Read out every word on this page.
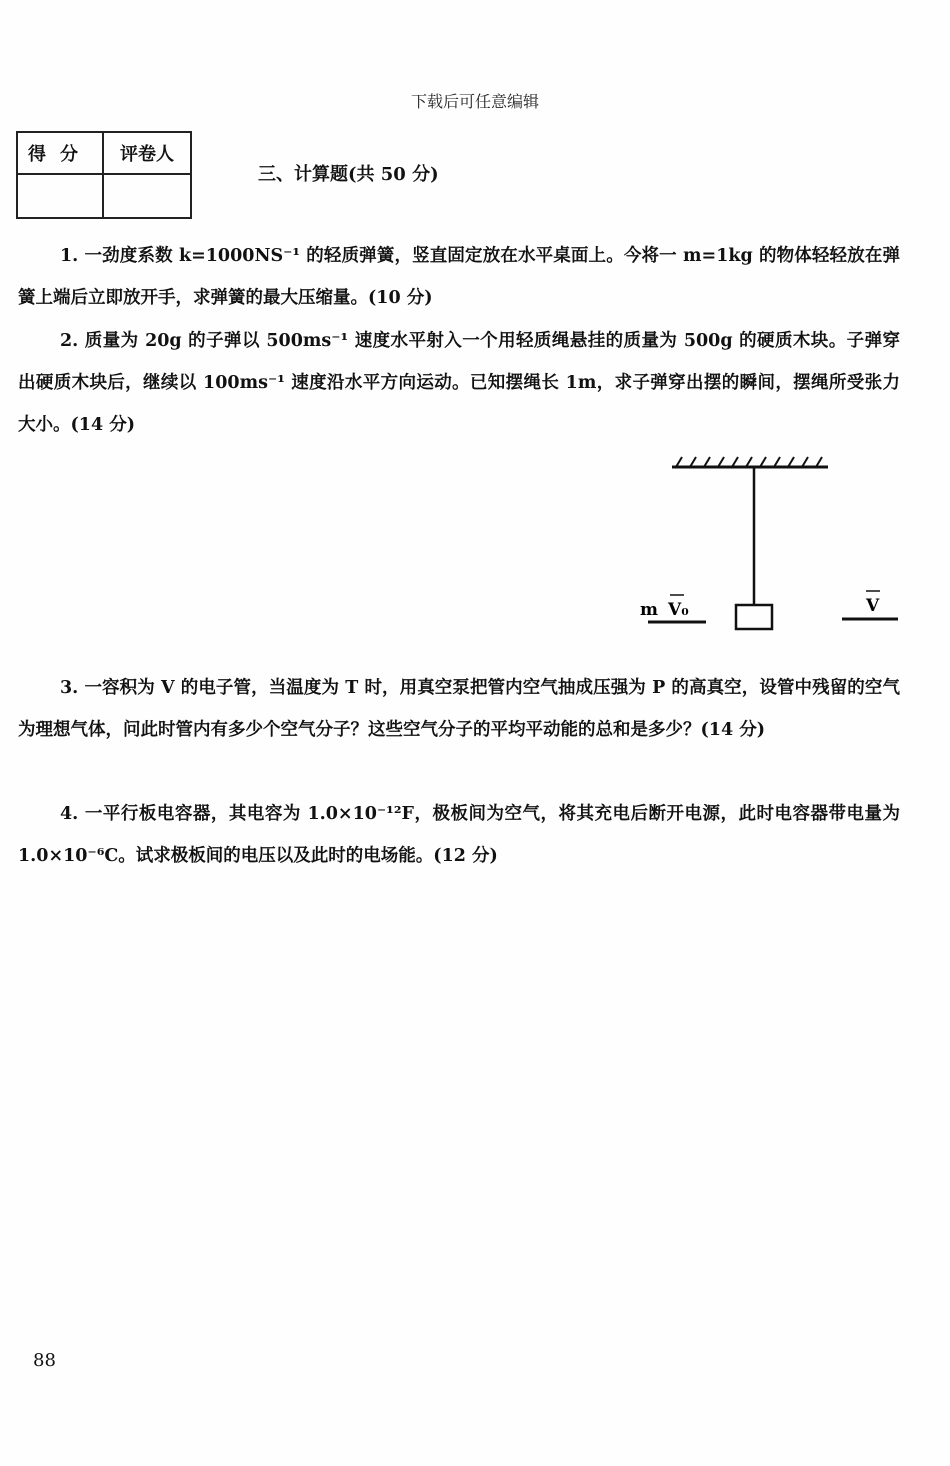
下载后可任意编辑
得分	评卷人

三、计算题(共 50 分)
1. 一劲度系数 k=1000NS⁻¹ 的轻质弹簧，竖直固定放在水平桌面上。今将一 m=1kg 的物体轻轻放在弹簧上端后立即放开手，求弹簧的最大压缩量。(10 分)
2. 质量为 20g 的子弹以 500ms⁻¹ 速度水平射入一个用轻质绳悬挂的质量为 500g 的硬质木块。子弹穿出硬质木块后，继续以 100ms⁻¹ 速度沿水平方向运动。已知摆绳长 1m，求子弹穿出摆的瞬间，摆绳所受张力大小。(14 分)
m V₀	V
3. 一容积为 V 的电子管，当温度为 T 时，用真空泵把管内空气抽成压强为 P 的高真空，设管中残留的空气为理想气体，问此时管内有多少个空气分子？这些空气分子的平均平动能的总和是多少？(14 分)
4. 一平行板电容器，其电容为 1.0×10⁻¹²F，极板间为空气，将其充电后断开电源，此时电容器带电量为 1.0×10⁻⁶C。试求极板间的电压以及此时的电场能。(12 分)
88
